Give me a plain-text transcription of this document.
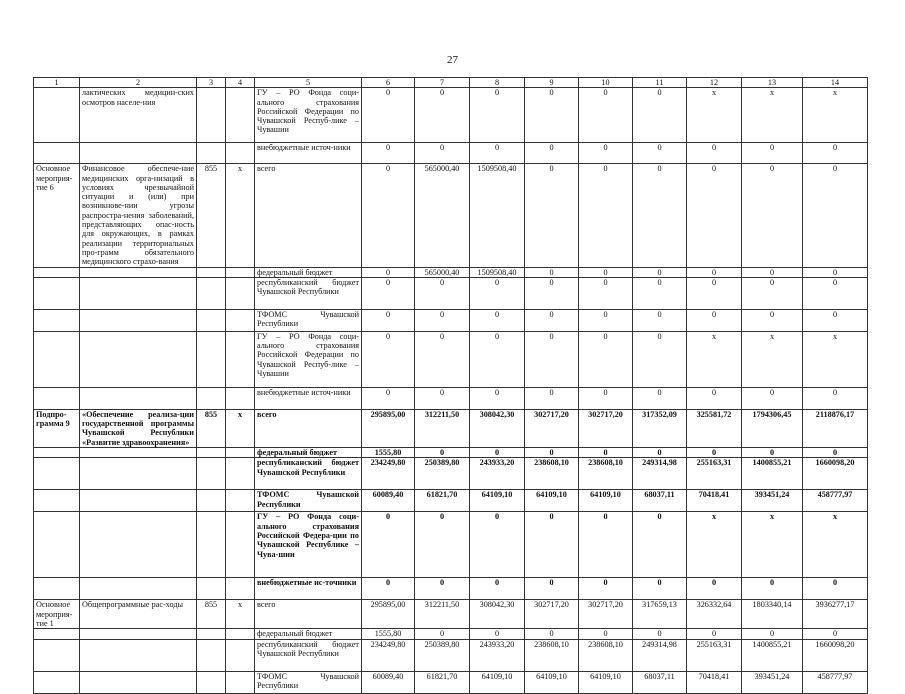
27
1	2	3	4	5	6	7	8	9	10	11	12	13	14
	лактических медицин-ских осмотров населе-ния			ГУ – РО Фонда соци-ального страхования Российской Федерации по Чувашской Респуб-лике – Чувашии	0	0	0	0	0	0	x	x	x
				внебюджетные источ-ники	0	0	0	0	0	0	0	0	0
Основное мероприя-тие 6	Финансовое обеспече-ние медицинских орга-низаций в условиях чрезвычайной ситуации и (или) при возникнове-нии угрозы распростра-нения заболеваний, представляющих опас-ность для окружающих, в рамках реализации территориальных про-грамм обязательного медицинского страхо-вания	855	x	всего	0	565000,40	1509508,40	0	0	0	0	0	0
				федеральный бюджет	0	565000,40	1509508,40	0	0	0	0	0	0
				республиканский бюджет Чувашской Республики	0	0	0	0	0	0	0	0	0
				ТФОМС Чувашской Республики	0	0	0	0	0	0	0	0	0
				ГУ – РО Фонда соци-ального страхования Российской Федерации по Чувашской Респуб-лике – Чувашии	0	0	0	0	0	0	x	x	x
				внебюджетные источ-ники	0	0	0	0	0	0	0	0	0
Подпро-грамма 9	«Обеспечение реализа-ции государственной программы Чувашской Республики «Развитие здравоохранения»	855	x	всего	295895,00	312211,50	308042,30	302717,20	302717,20	317352,09	325581,72	1794306,45	2118876,17
				федеральный бюджет	1555,80	0	0	0	0	0	0	0	0
				республиканский бюджет Чувашской Республики	234249,80	250389,80	243933,20	238608,10	238608,10	249314,98	255163,31	1400855,21	1660098,20
				ТФОМС Чувашской Республики	60089,40	61821,70	64109,10	64109,10	64109,10	68037,11	70418,41	393451,24	458777,97
				ГУ – РО Фонда соци-ального страхования Российской Федера-ции по Чувашской Республике – Чува-шии	0	0	0	0	0	0	x	x	x
				внебюджетные ис-точники	0	0	0	0	0	0	0	0	0
Основное мероприя-тие 1	Общепрограммные рас-ходы	855	x	всего	295895,00	312211,50	308042,30	302717,20	302717,20	317659,13	326332,64	1803340,14	3936277,17
				федеральный бюджет	1555,80	0	0	0	0	0	0	0	0
				республиканский бюджет Чувашской Республики	234249,80	250389,80	243933,20	238608,10	238608,10	249314,98	255163,31	1400855,21	1660098,20
				ТФОМС Чувашской Республики	60089,40	61821,70	64109,10	64109,10	64109,10	68037,11	70418,41	393451,24	458777,97
